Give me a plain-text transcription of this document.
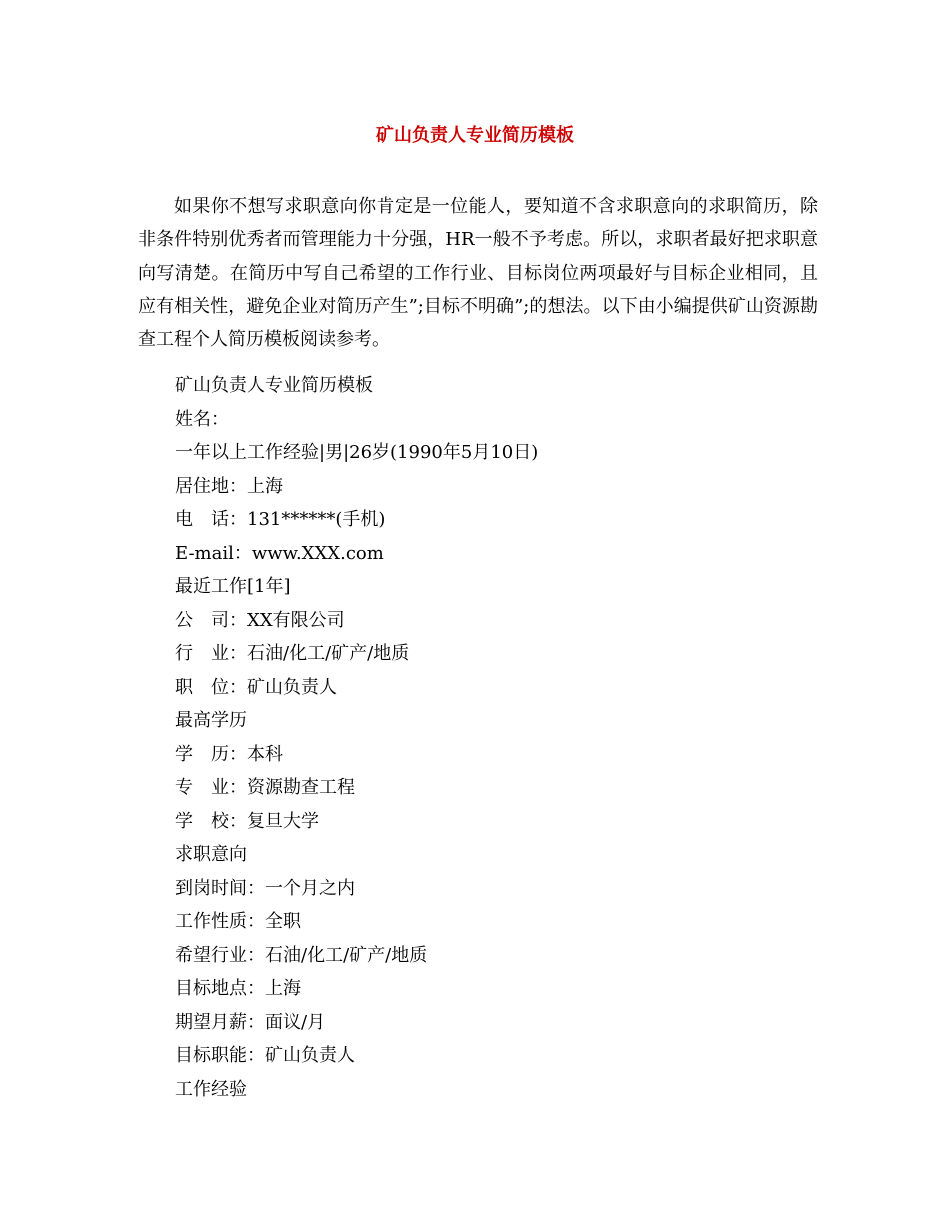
矿山负责人专业简历模板

如果你不想写求职意向你肯定是一位能人，要知道不含求职意向的求职简历，除非条件特别优秀者而管理能力十分强，HR一般不予考虑。所以，求职者最好把求职意向写清楚。在简历中写自己希望的工作行业、目标岗位两项最好与目标企业相同，且应有相关性，避免企业对简历产生”;目标不明确”;的想法。以下由小编提供矿山资源勘查工程个人简历模板阅读参考。

矿山负责人专业简历模板
姓名：
一年以上工作经验|男|26岁(1990年5月10日)
居住地：上海
电　话：131******(手机)
E-mail：www.XXX.com
最近工作[1年]
公　司：XX有限公司
行　业：石油/化工/矿产/地质
职　位：矿山负责人
最高学历
学　历：本科
专　业：资源勘查工程
学　校：复旦大学
求职意向
到岗时间：一个月之内
工作性质：全职
希望行业：石油/化工/矿产/地质
目标地点：上海
期望月薪：面议/月
目标职能：矿山负责人
工作经验
